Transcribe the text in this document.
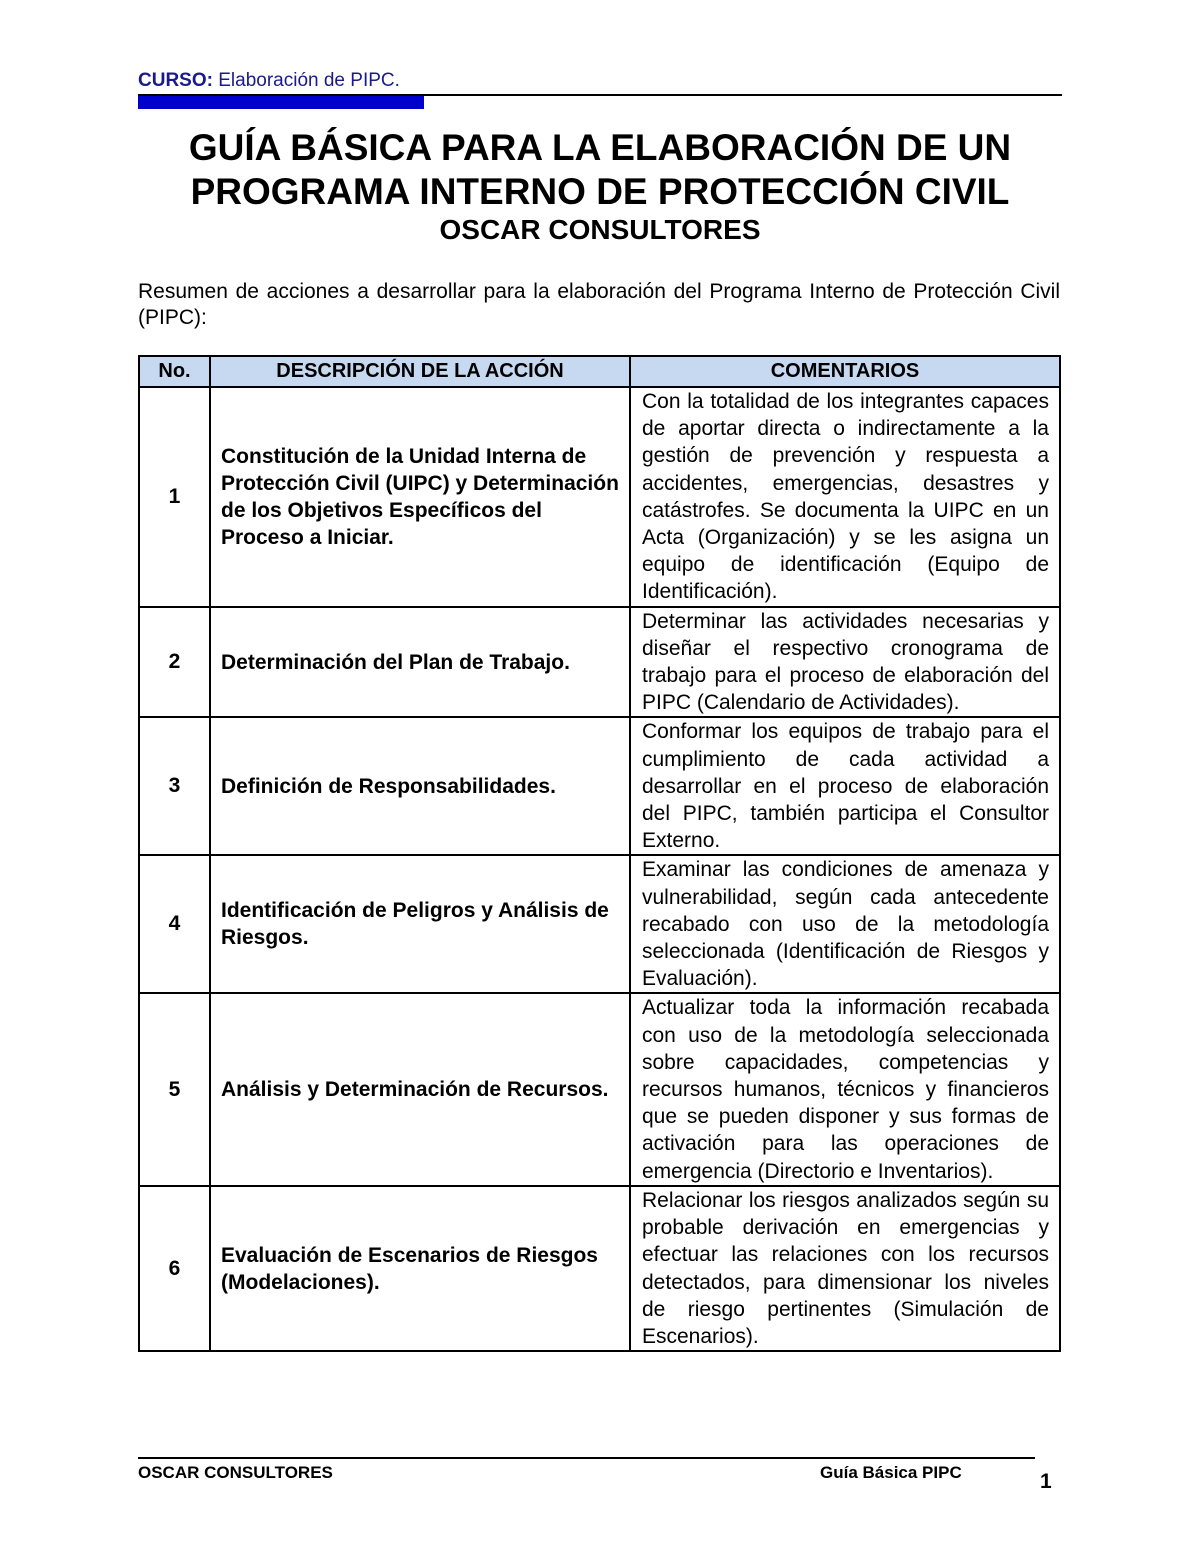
CURSO: Elaboración de PIPC.
GUÍA BÁSICA PARA LA ELABORACIÓN DE UN
PROGRAMA INTERNO DE PROTECCIÓN CIVIL
OSCAR CONSULTORES
Resumen de acciones a desarrollar para la elaboración del Programa Interno de Protección Civil (PIPC):
No.	DESCRIPCIÓN DE LA ACCIÓN	COMENTARIOS
1	Constitución de la Unidad Interna de Protección Civil (UIPC) y Determinación de los Objetivos Específicos del Proceso a Iniciar.	Con la totalidad de los integrantes capaces de aportar directa o indirectamente a la gestión de prevención y respuesta a accidentes, emergencias, desastres y catástrofes. Se documenta la UIPC en un Acta (Organización) y se les asigna un equipo de identificación (Equipo de Identificación).
2	Determinación del Plan de Trabajo.	Determinar las actividades necesarias y diseñar el respectivo cronograma de trabajo para el proceso de elaboración del PIPC (Calendario de Actividades).
3	Definición de Responsabilidades.	Conformar los equipos de trabajo para el cumplimiento de cada actividad a desarrollar en el proceso de elaboración del PIPC, también participa el Consultor Externo.
4	Identificación de Peligros y Análisis de Riesgos.	Examinar las condiciones de amenaza y vulnerabilidad, según cada antecedente recabado con uso de la metodología seleccionada (Identificación de Riesgos y Evaluación).
5	Análisis y Determinación de Recursos.	Actualizar toda la información recabada con uso de la metodología seleccionada sobre capacidades, competencias y recursos humanos, técnicos y financieros que se pueden disponer y sus formas de activación para las operaciones de emergencia (Directorio e Inventarios).
6	Evaluación de Escenarios de Riesgos (Modelaciones).	Relacionar los riesgos analizados según su probable derivación en emergencias y efectuar las relaciones con los recursos detectados, para dimensionar los niveles de riesgo pertinentes (Simulación de Escenarios).
OSCAR CONSULTORES	Guía Básica PIPC	1
